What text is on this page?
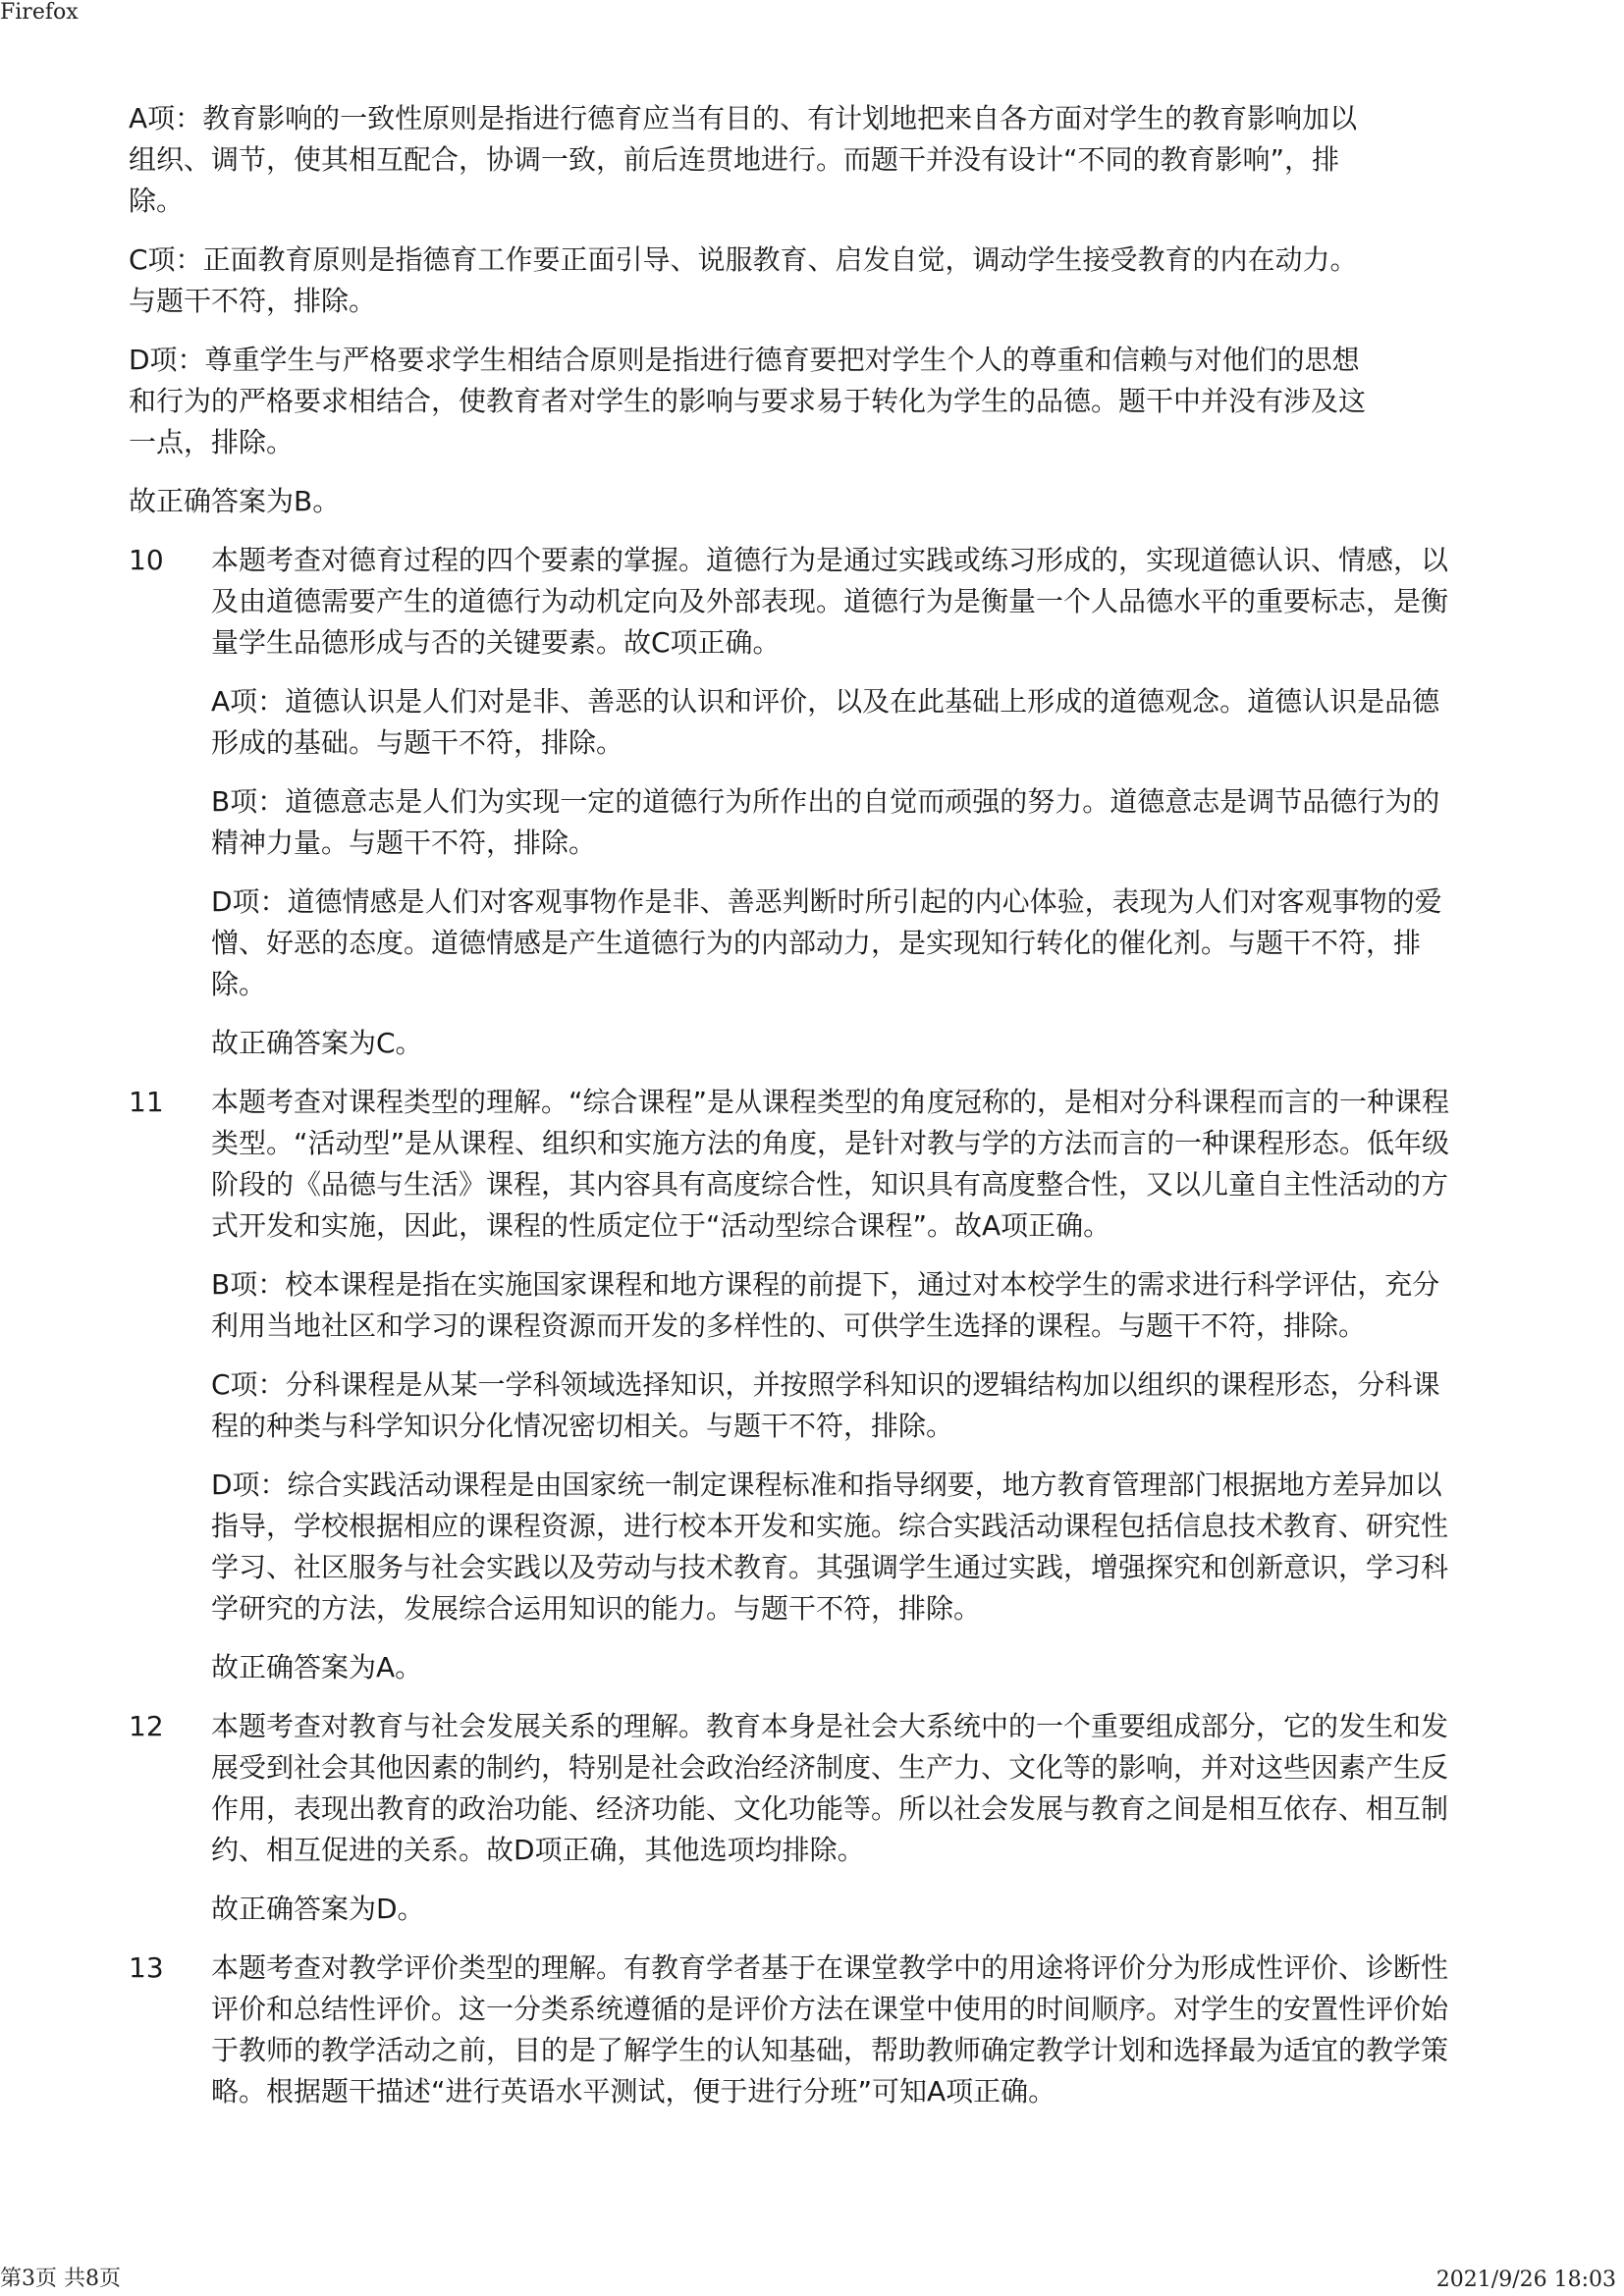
Firefox

A项：教育影响的一致性原则是指进行德育应当有目的、有计划地把来自各方面对学生的教育影响加以组织、调节，使其相互配合，协调一致，前后连贯地进行。而题干并没有设计“不同的教育影响”，排除。

C项：正面教育原则是指德育工作要正面引导、说服教育、启发自觉，调动学生接受教育的内在动力。与题干不符，排除。

D项：尊重学生与严格要求学生相结合原则是指进行德育要把对学生个人的尊重和信赖与对他们的思想和行为的严格要求相结合，使教育者对学生的影响与要求易于转化为学生的品德。题干中并没有涉及这一点，排除。

故正确答案为B。

10 本题考查对德育过程的四个要素的掌握。道德行为是通过实践或练习形成的，实现道德认识、情感，以及由道德需要产生的道德行为动机定向及外部表现。道德行为是衡量一个人品德水平的重要标志，是衡量学生品德形成与否的关键要素。故C项正确。

A项：道德认识是人们对是非、善恶的认识和评价，以及在此基础上形成的道德观念。道德认识是品德形成的基础。与题干不符，排除。

B项：道德意志是人们为实现一定的道德行为所作出的自觉而顽强的努力。道德意志是调节品德行为的精神力量。与题干不符，排除。

D项：道德情感是人们对客观事物作是非、善恶判断时所引起的内心体验，表现为人们对客观事物的爱憎、好恶的态度。道德情感是产生道德行为的内部动力，是实现知行转化的催化剂。与题干不符，排除。

故正确答案为C。

11 本题考查对课程类型的理解。“综合课程”是从课程类型的角度冠称的，是相对分科课程而言的一种课程类型。“活动型”是从课程、组织和实施方法的角度，是针对教与学的方法而言的一种课程形态。低年级阶段的《品德与生活》课程，其内容具有高度综合性，知识具有高度整合性，又以儿童自主性活动的方式开发和实施，因此，课程的性质定位于“活动型综合课程”。故A项正确。

B项：校本课程是指在实施国家课程和地方课程的前提下，通过对本校学生的需求进行科学评估，充分利用当地社区和学习的课程资源而开发的多样性的、可供学生选择的课程。与题干不符，排除。

C项：分科课程是从某一学科领域选择知识，并按照学科知识的逻辑结构加以组织的课程形态，分科课程的种类与科学知识分化情况密切相关。与题干不符，排除。

D项：综合实践活动课程是由国家统一制定课程标准和指导纲要，地方教育管理部门根据地方差异加以指导，学校根据相应的课程资源，进行校本开发和实施。综合实践活动课程包括信息技术教育、研究性学习、社区服务与社会实践以及劳动与技术教育。其强调学生通过实践，增强探究和创新意识，学习科学研究的方法，发展综合运用知识的能力。与题干不符，排除。

故正确答案为A。

12 本题考查对教育与社会发展关系的理解。教育本身是社会大系统中的一个重要组成部分，它的发生和发展受到社会其他因素的制约，特别是社会政治经济制度、生产力、文化等的影响，并对这些因素产生反作用，表现出教育的政治功能、经济功能、文化功能等。所以社会发展与教育之间是相互依存、相互制约、相互促进的关系。故D项正确，其他选项均排除。

故正确答案为D。

13 本题考查对教学评价类型的理解。有教育学者基于在课堂教学中的用途将评价分为形成性评价、诊断性评价和总结性评价。这一分类系统遵循的是评价方法在课堂中使用的时间顺序。对学生的安置性评价始于教师的教学活动之前，目的是了解学生的认知基础，帮助教师确定教学计划和选择最为适宜的教学策略。根据题干描述“进行英语水平测试，便于进行分班”可知A项正确。

第3页 共8页	2021/9/26 18:03
